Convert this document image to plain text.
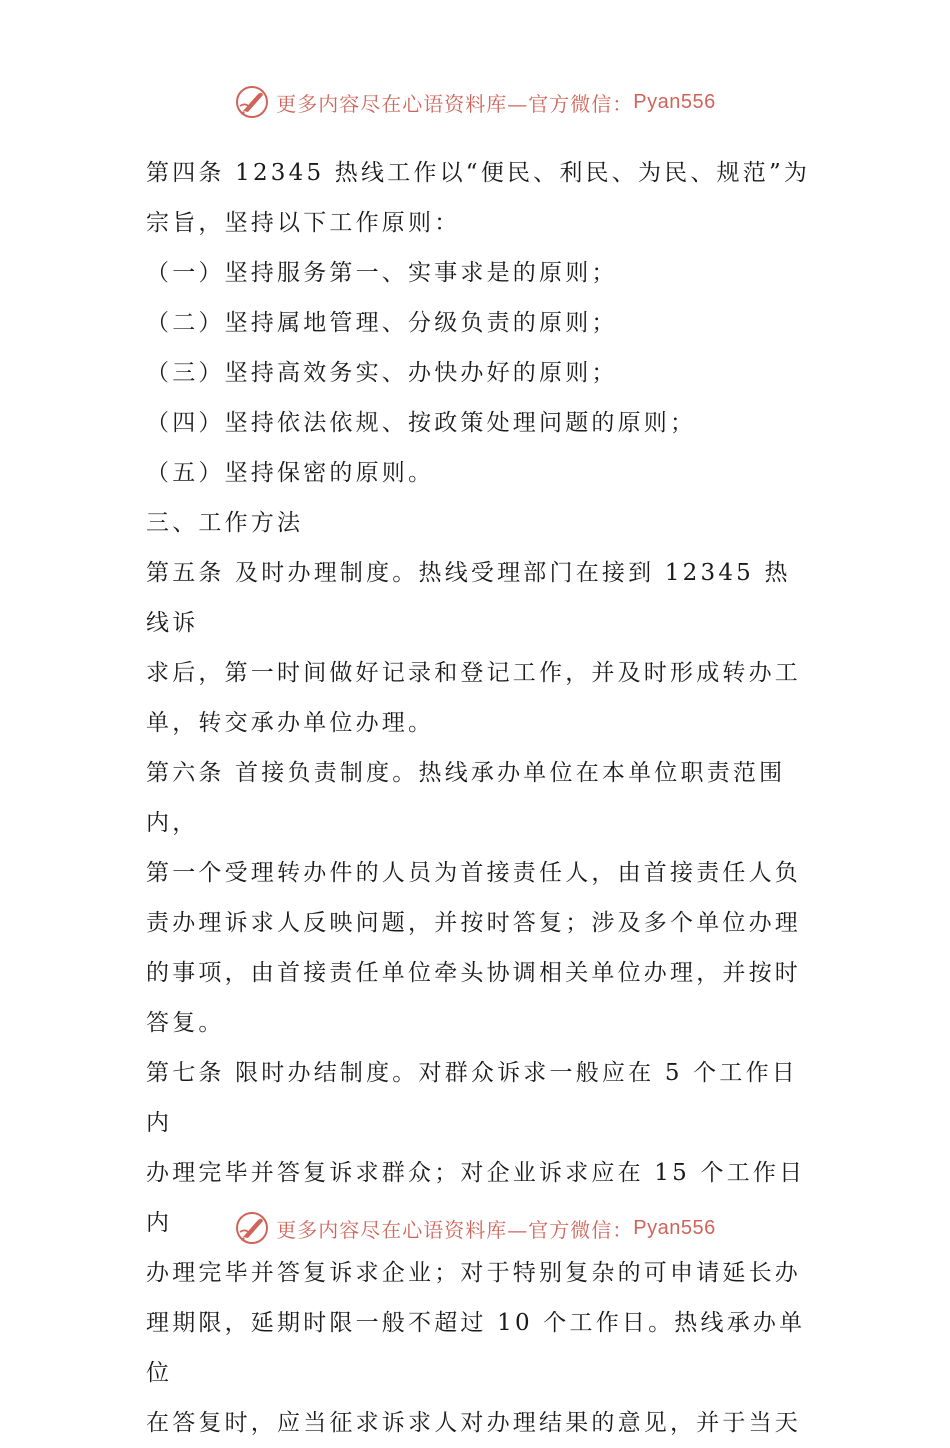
更多内容尽在心语资料库—官方微信： Pyan556

第四条 12345 热线工作以“便民、利民、为民、规范”为

宗旨，坚持以下工作原则：

（一）坚持服务第一、实事求是的原则；

（二）坚持属地管理、分级负责的原则；

（三）坚持高效务实、办快办好的原则；

（四）坚持依法依规、按政策处理问题的原则；

（五）坚持保密的原则。

三、工作方法

第五条 及时办理制度。热线受理部门在接到 12345 热线诉

求后，第一时间做好记录和登记工作，并及时形成转办工

单，转交承办单位办理。

第六条 首接负责制度。热线承办单位在本单位职责范围内，

第一个受理转办件的人员为首接责任人，由首接责任人负

责办理诉求人反映问题，并按时答复；涉及多个单位办理

的事项，由首接责任单位牵头协调相关单位办理，并按时

答复。

第七条 限时办结制度。对群众诉求一般应在 5 个工作日内

办理完毕并答复诉求群众；对企业诉求应在 15 个工作日内

办理完毕并答复诉求企业；对于特别复杂的可申请延长办

理期限，延期时限一般不超过 10 个工作日。热线承办单位

在答复时，应当征求诉求人对办理结果的意见，并于当天

更多内容尽在心语资料库—官方微信： Pyan556
